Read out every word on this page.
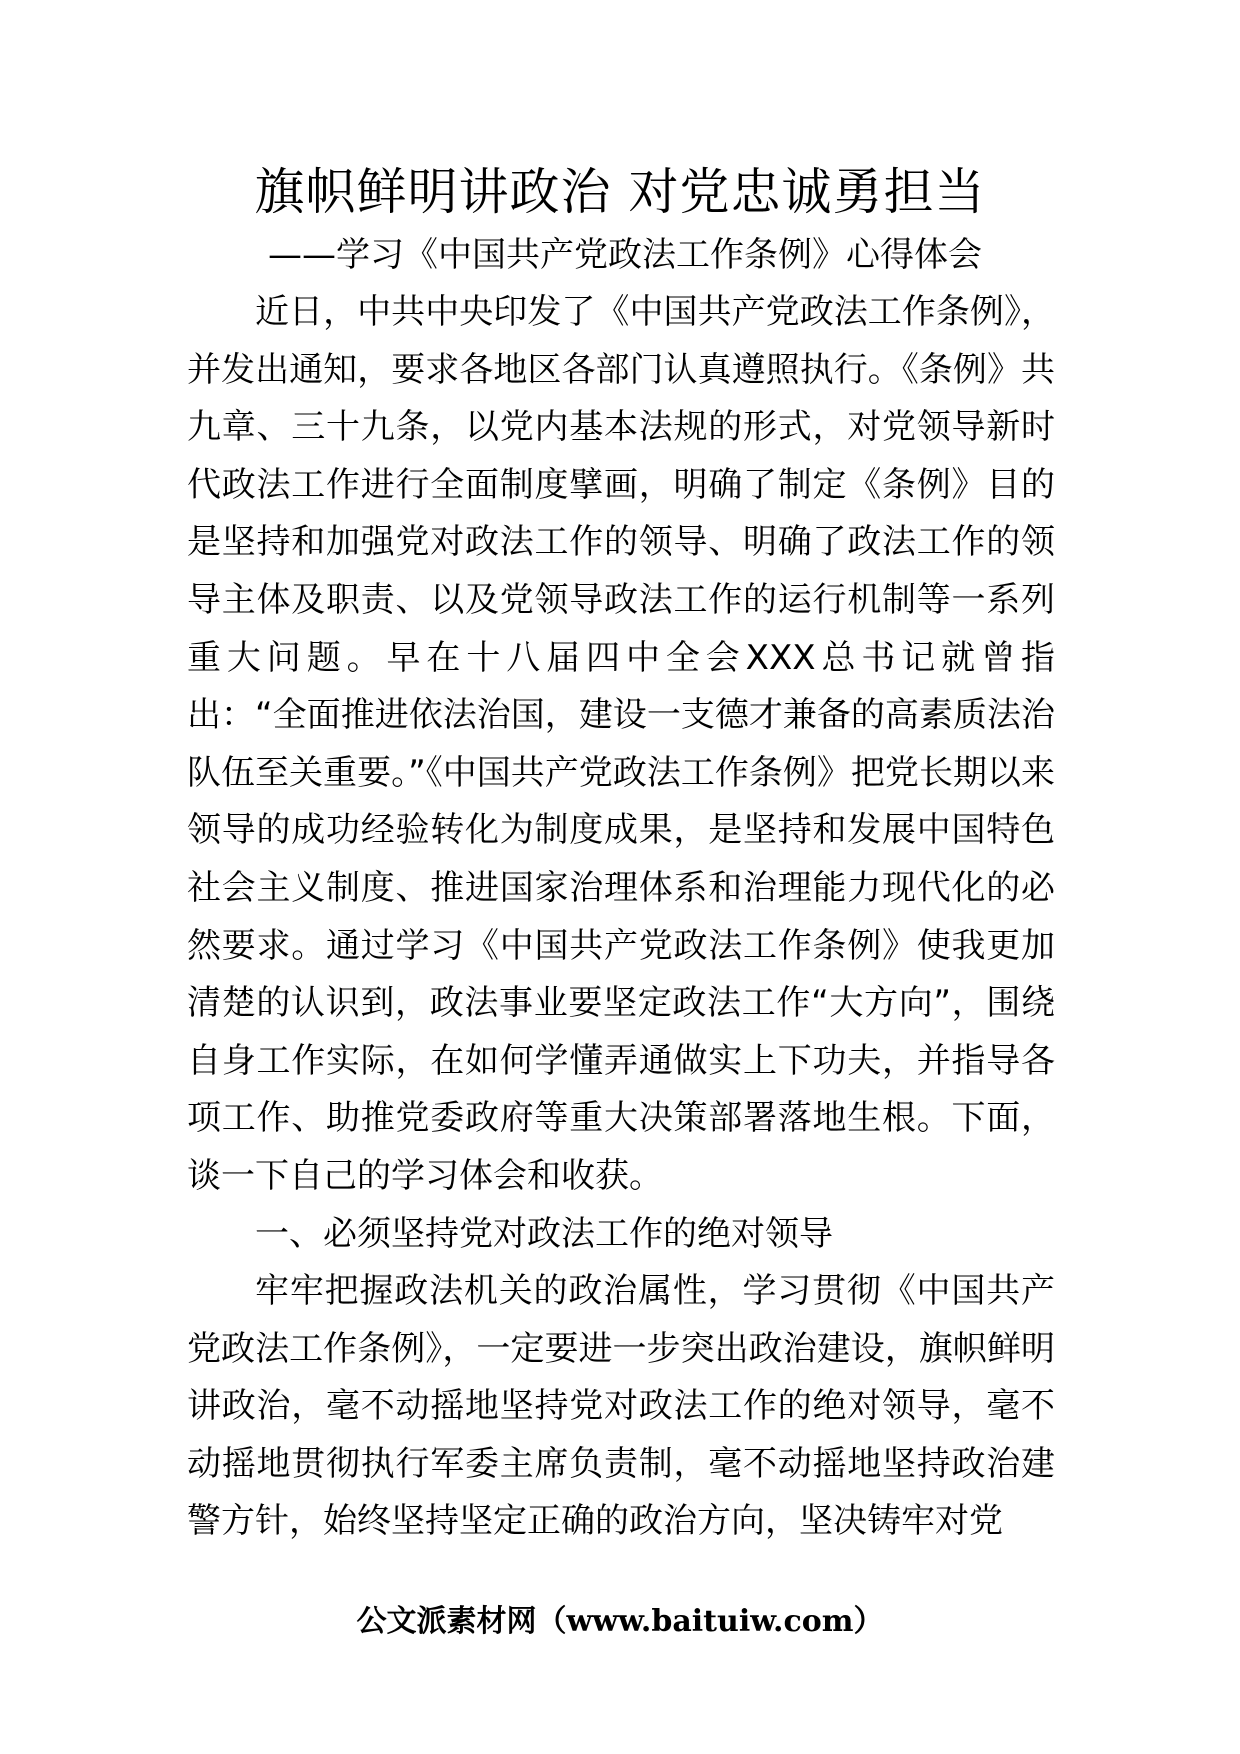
旗帜鲜明讲政治 对党忠诚勇担当
——学习《中国共产党政法工作条例》心得体会

近日，中共中央印发了《中国共产党政法工作条例》，并发出通知，要求各地区各部门认真遵照执行。《条例》共九章、三十九条，以党内基本法规的形式，对党领导新时代政法工作进行全面制度擘画，明确了制定《条例》目的是坚持和加强党对政法工作的领导、明确了政法工作的领导主体及职责、以及党领导政法工作的运行机制等一系列重大问题。早在十八届四中全会XXX总书记就曾指出：“全面推进依法治国，建设一支德才兼备的高素质法治队伍至关重要。”《中国共产党政法工作条例》把党长期以来领导的成功经验转化为制度成果，是坚持和发展中国特色社会主义制度、推进国家治理体系和治理能力现代化的必然要求。通过学习《中国共产党政法工作条例》使我更加清楚的认识到，政法事业要坚定政法工作“大方向”，围绕自身工作实际，在如何学懂弄通做实上下功夫，并指导各项工作、助推党委政府等重大决策部署落地生根。下面，谈一下自己的学习体会和收获。

一、必须坚持党对政法工作的绝对领导

牢牢把握政法机关的政治属性，学习贯彻《中国共产党政法工作条例》，一定要进一步突出政治建设，旗帜鲜明讲政治，毫不动摇地坚持党对政法工作的绝对领导，毫不动摇地贯彻执行军委主席负责制，毫不动摇地坚持政治建警方针，始终坚持坚定正确的政治方向，坚决铸牢对党

公文派素材网（www.baituiw.com）
